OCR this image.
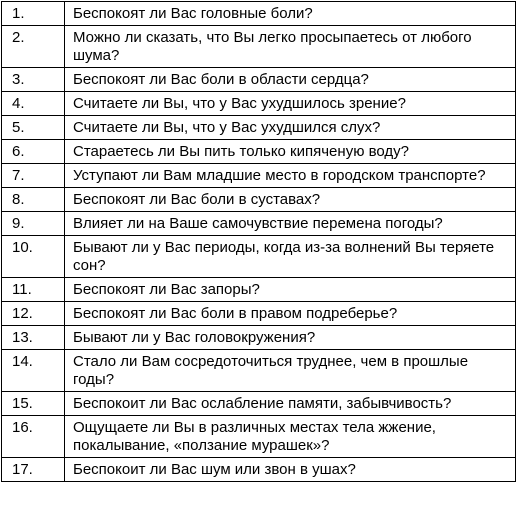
1.	Беспокоят ли Вас головные боли?
2.	Можно ли сказать, что Вы легко просыпаетесь от любого шума?
3.	Беспокоят ли Вас боли в области сердца?
4.	Считаете ли Вы, что у Вас ухудшилось зрение?
5.	Считаете ли Вы, что у Вас ухудшился слух?
6.	Стараетесь ли Вы пить только кипяченую воду?
7.	Уступают ли Вам младшие место в городском транспорте?
8.	Беспокоят ли Вас боли в суставах?
9.	Влияет ли на Ваше самочувствие перемена погоды?
10.	Бывают ли у Вас периоды, когда из-за волнений Вы теряете сон?
11.	Беспокоят ли Вас запоры?
12.	Беспокоят ли Вас боли в правом подреберье?
13.	Бывают ли у Вас головокружения?
14.	Стало ли Вам сосредоточиться труднее, чем в прошлые годы?
15.	Беспокоит ли Вас ослабление памяти, забывчивость?
16.	Ощущаете ли Вы в различных местах тела жжение, покалывание, «ползание мурашек»?
17.	Беспокоит ли Вас шум или звон в ушах?
